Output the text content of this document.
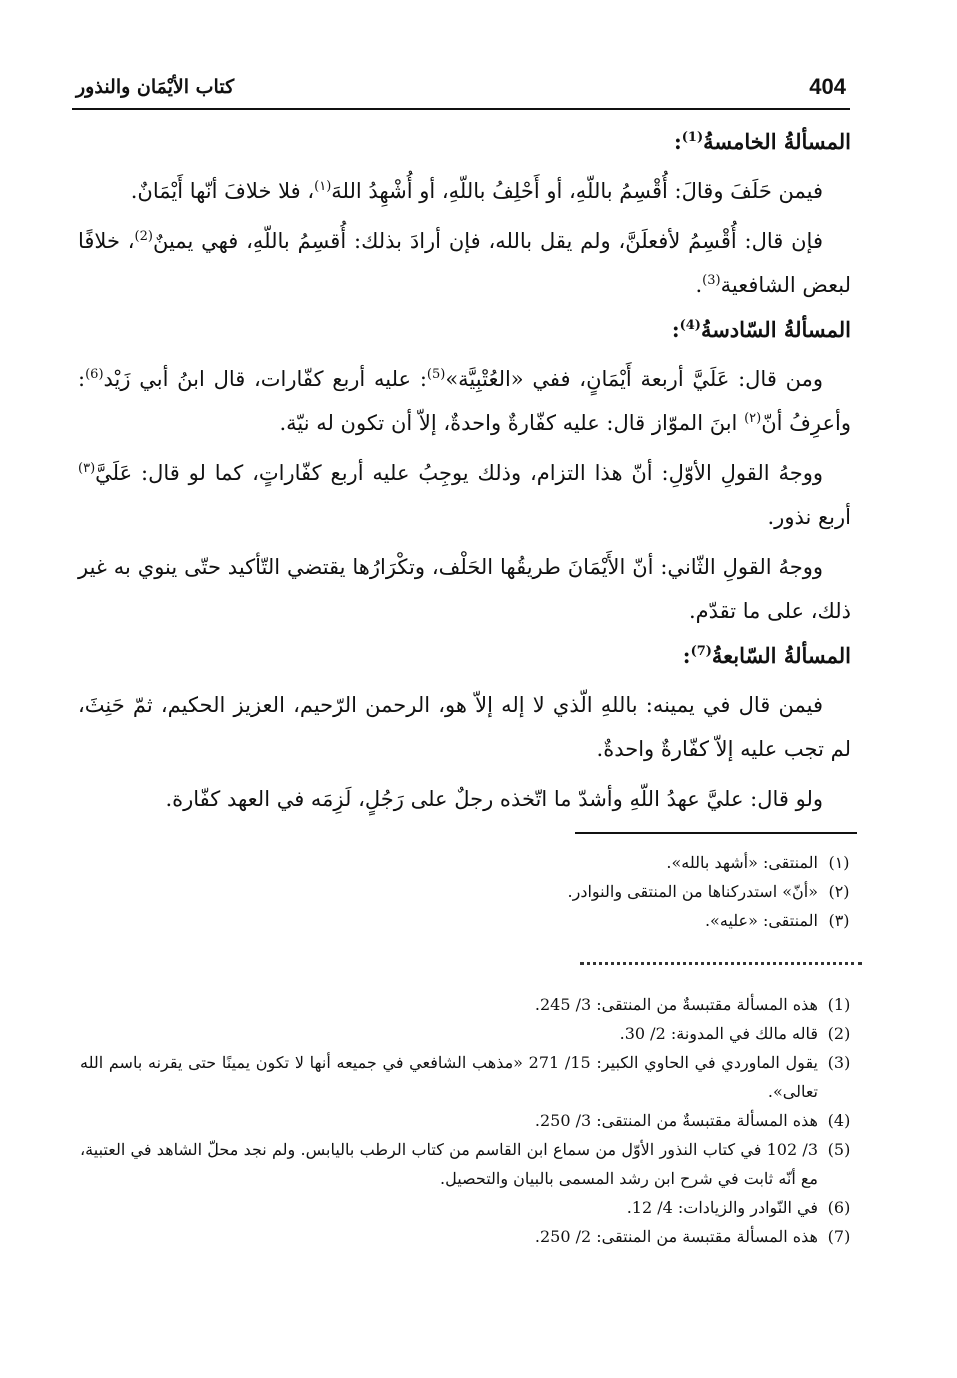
404
كتاب الأيْمَان والنذور

المسألةُ الخامسةُ$^{(1)}$:

فيمن حَلَفَ وقالَ: أُقْسِمُ باللّهِ، أو أَحْلِفُ باللّهِ، أو أُشْهِدُ اللهَ$^{(١)}$، فلا خلافَ أنّها أَيْمَانٌ.

فإن قال: أُقْسِمُ لأفعلَنَّ، ولم يقل بالله، فإن أرادَ بذلك: أُقسِمُ باللّهِ، فهي يمينٌ$^{(2)}$، خلافًا لبعض الشافعية$^{(3)}$.

المسألةُ السّادسةُ$^{(4)}$:

ومن قال: عَلَيَّ أربعة أَيْمَانٍ، ففي «العُتْبِيَّة»$^{(5)}$: عليه أربع كفّارات، قال ابنُ أبي زَيْد$^{(6)}$: وأعرِفُ أنّ$^{(٢)}$ ابنَ الموّاز قال: عليه كفّارةٌ واحدةٌ، إلاّ أن تكون له نيّة.

ووجهُ القولِ الأوّلِ: أنّ هذا التزام، وذلك يوجِبُ عليه أربع كفّاراتٍ، كما لو قال: عَلَيَّ$^{(٣)}$ أربع نذور.

ووجهُ القولِ الثّاني: أنّ الأَيْمَانَ طريقُها الحَلْف، وتكْرَارُها يقتضي التّأكيد حتّى ينوي به غير ذلك، على ما تقدّم.

المسألةُ السّابعةُ$^{(7)}$:

فيمن قال في يمينه: باللهِ الّذي لا إله إلاّ هو، الرحمن الرّحيم، العزيز الحكيم، ثمّ حَنِثَ، لم تجب عليه إلاّ كفّارةٌ واحدةٌ.

ولو قال: عليَّ عهدُ اللّهِ وأشدّ ما اتّخذه رجلٌ على رَجُلٍ، لَزِمَه في العهد كفّارة.

(١)
المنتقى: «أشهد بالله».

(٢)
«أنّ» استدركناها من المنتقى والنوادر.

(٣)
المنتقى: «عليه».

(1)
هذه المسألة مقتبسةٌ من المنتقى: 3/ 245.

(2)
قاله مالك في المدونة: 2/ 30.

(3)
يقول الماوردي في الحاوي الكبير: 15/ 271 «مذهب الشافعي في جميعه أنها لا تكون يمينًا حتى يقرنه باسم الله تعالى».

(4)
هذه المسألة مقتبسةٌ من المنتقى: 3/ 250.

(5)
3/ 102 في كتاب النذور الأوّل من سماع ابن القاسم من كتاب الرطب باليابس. ولم نجد محلّ الشاهد في العتبية، مع أنّه ثابت في شرح ابن رشد المسمى بالبيان والتحصيل.

(6)
في النّوادر والزيادات: 4/ 12.

(7)
هذه المسألة مقتبسة من المنتقى: 2/ 250.
